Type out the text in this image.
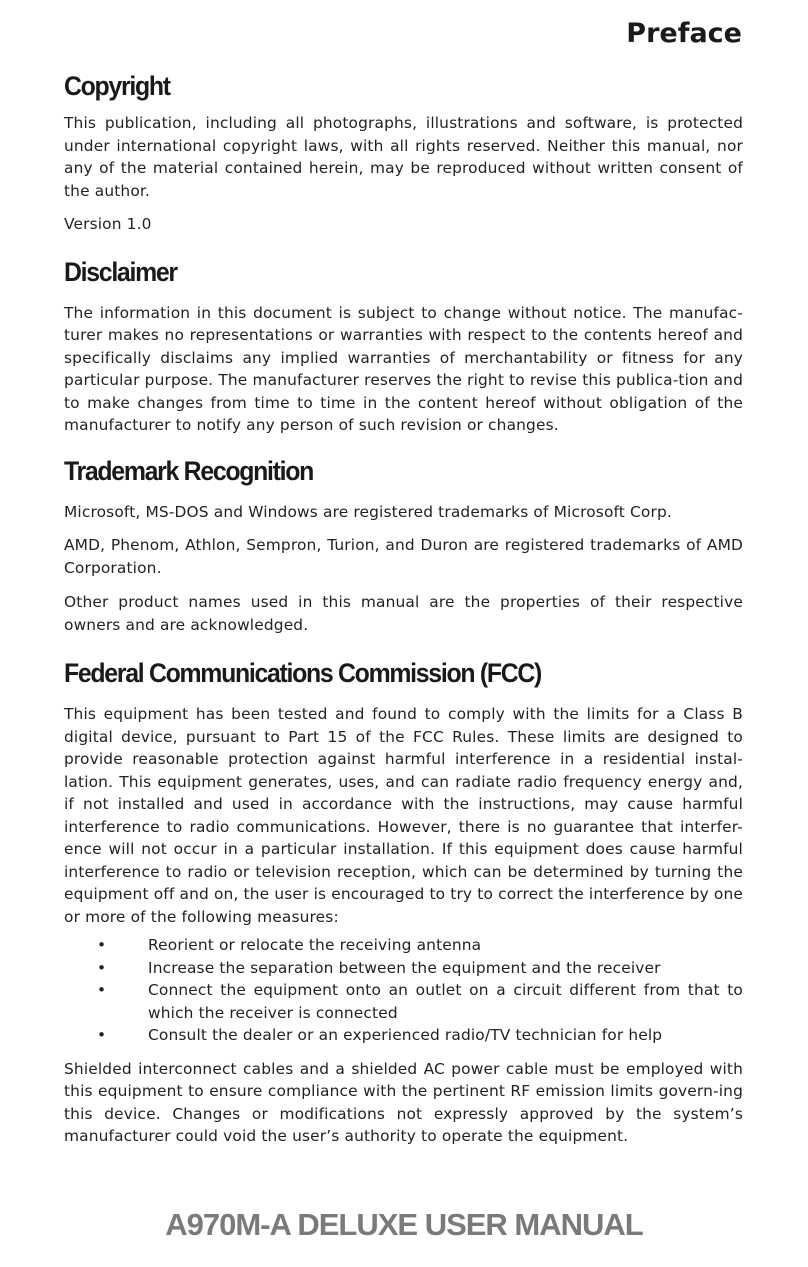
Preface
Copyright

This publication, including all photographs, illustrations and software, is protected under international copyright laws, with all rights reserved. Neither this manual, nor any of the material contained herein, may be reproduced without written consent of the author.

Version 1.0

Disclaimer

The information in this document is subject to change without notice. The manufac-turer makes no representations or warranties with respect to the contents hereof and specifically disclaims any implied warranties of merchantability or fitness for any particular purpose. The manufacturer reserves the right to revise this publica-tion and to make changes from time to time in the content hereof without obligation of the manufacturer to notify any person of such revision or changes.

Trademark Recognition

Microsoft, MS-DOS and Windows are registered trademarks of Microsoft Corp.

AMD, Phenom, Athlon, Sempron, Turion, and Duron are registered trademarks of AMD Corporation.

Other product names used in this manual are the properties of their respective owners and are acknowledged.

Federal Communications Commission (FCC)

This equipment has been tested and found to comply with the limits for a Class B digital device, pursuant to Part 15 of the FCC Rules. These limits are designed to provide reasonable protection against harmful interference in a residential instal-lation. This equipment generates, uses, and can radiate radio frequency energy and, if not installed and used in accordance with the instructions, may cause harmful interference to radio communications. However, there is no guarantee that interfer-ence will not occur in a particular installation. If this equipment does cause harmful interference to radio or television reception, which can be determined by turning the equipment off and on, the user is encouraged to try to correct the interference by one or more of the following measures:

•	Reorient or relocate the receiving antenna
•	Increase the separation between the equipment and the receiver
•	Connect the equipment onto an outlet on a circuit different from that to which the receiver is connected
•	Consult the dealer or an experienced radio/TV technician for help

Shielded interconnect cables and a shielded AC power cable must be employed with this equipment to ensure compliance with the pertinent RF emission limits govern-ing this device. Changes or modifications not expressly approved by the system’s manufacturer could void the user’s authority to operate the equipment.

A970M-A DELUXE USER MANUAL
